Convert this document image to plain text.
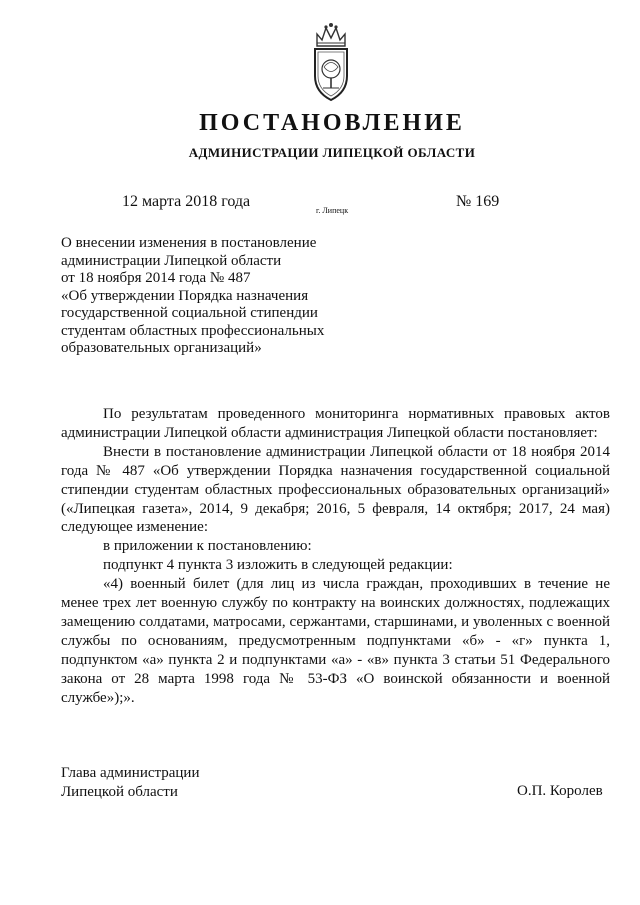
ПОСТАНОВЛЕНИЕ
АДМИНИСТРАЦИИ ЛИПЕЦКОЙ ОБЛАСТИ
12 марта 2018 года
г. Липецк
№ 169
О внесении изменения в постановление
администрации Липецкой области
от 18 ноября 2014 года № 487
«Об утверждении Порядка назначения
государственной социальной стипендии
студентам областных профессиональных
образовательных организаций»

По результатам проведенного мониторинга нормативных правовых актов администрации Липецкой области администрация Липецкой области постановляет:

Внести в постановление администрации Липецкой области от 18 ноября 2014 года № 487 «Об утверждении Порядка назначения государственной социальной стипендии студентам областных профессиональных образовательных организаций» («Липецкая газета», 2014, 9 декабря; 2016, 5 февраля, 14 октября; 2017, 24 мая) следующее изменение:

в приложении к постановлению:

подпункт 4 пункта 3 изложить в следующей редакции:

«4) военный билет (для лиц из числа граждан, проходивших в течение не менее трех лет военную службу по контракту на воинских должностях, подлежащих замещению солдатами, матросами, сержантами, старшинами, и уволенных с военной службы по основаниям, предусмотренным подпунктами «б» - «г» пункта 1, подпунктом «а» пункта 2 и подпунктами «а» - «в» пункта 3 статьи 51 Федерального закона от 28 марта 1998 года № 53-ФЗ «О воинской обязанности и военной службе»);».

Глава администрации
Липецкой области	О.П. Королев
